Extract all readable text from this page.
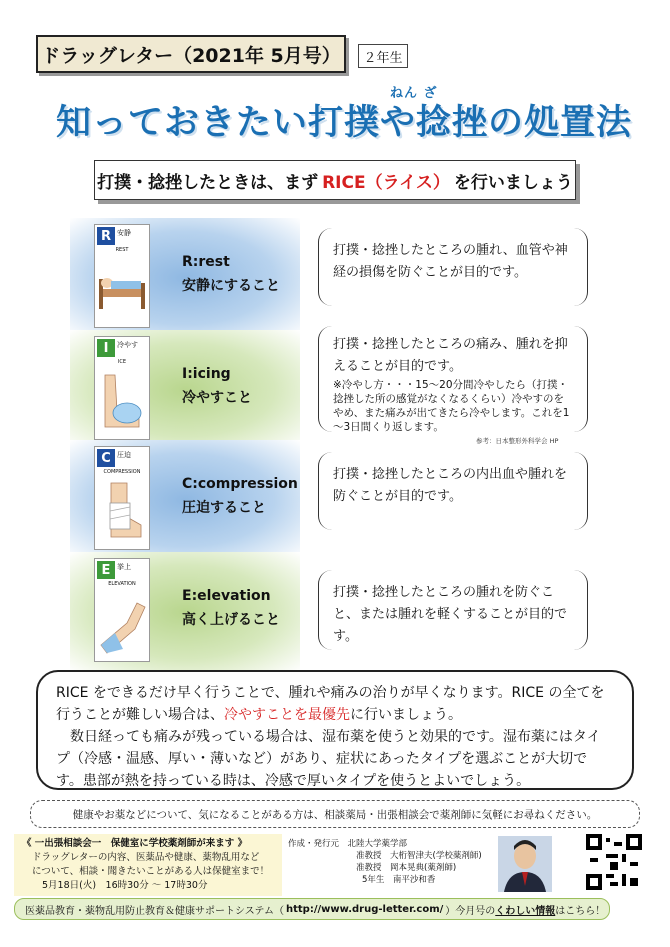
ドラッグレター（2021年 5月号）	２年生
ねん ざ
知っておきたい打撲や捻挫の処置法
打撲・捻挫したときは、まず RICE（ライス） を行いましょう
R 安静
REST
R:rest
安静にすること

打撲・捻挫したところの腫れ、血管や神経の損傷を防ぐことが目的です。

I	冷やす
ICE
I:icing
冷やすこと

打撲・捻挫したところの痛み、腫れを抑えることが目的です。

※冷やし方・・・15～20分間冷やしたら（打撲・捻挫した所の感覚がなくなるくらい）冷やすのをやめ、また痛みが出てきたら冷やします。これを1～3日間くり返します。

参考：日本整形外科学会 HP
C 圧迫
COMPRESSION
C:compression
圧迫すること

打撲・捻挫したところの内出血や腫れを防ぐことが目的です。

E 挙上
ELEVATION
E:elevation
高く上げること

打撲・捻挫したところの腫れを防ぐこと、または腫れを軽くすることが目的です。

RICE をできるだけ早く行うことで、腫れや痛みの治りが早くなります。RICE の全てを行うことが難しい場合は、冷やすことを最優先に行いましょう。

数日経っても痛みが残っている場合は、湿布薬を使うと効果的です。湿布薬にはタイプ（冷感・温感、厚い・薄いなど）があり、症状にあったタイプを選ぶことが大切です。患部が熱を持っている時は、冷感で厚いタイプを使うとよいでしょう。

健康やお薬などについて、気になることがある方は、相談薬局・出張相談会で薬剤師に気軽にお尋ねください。
《 一出張相談会一　保健室に学校薬剤師が来ます 》
ドラッグレターの内容、医薬品や健康、薬物乱用など
について、相談・聞きたいことがある人は保健室まで！
5月18日(火)　16時30分 ～ 17時30分
作成・発行元　 北陸大学薬学部
准教授　大桁智津夫(学校薬剤師)
准教授　岡本晃典(薬剤師)
5年生　南平沙和香
医薬品教育・薬物乱用防止教育＆健康サポートシステム（ http://www.drug-letter.com/ ） 今月号のくわしい情報はこちら！
